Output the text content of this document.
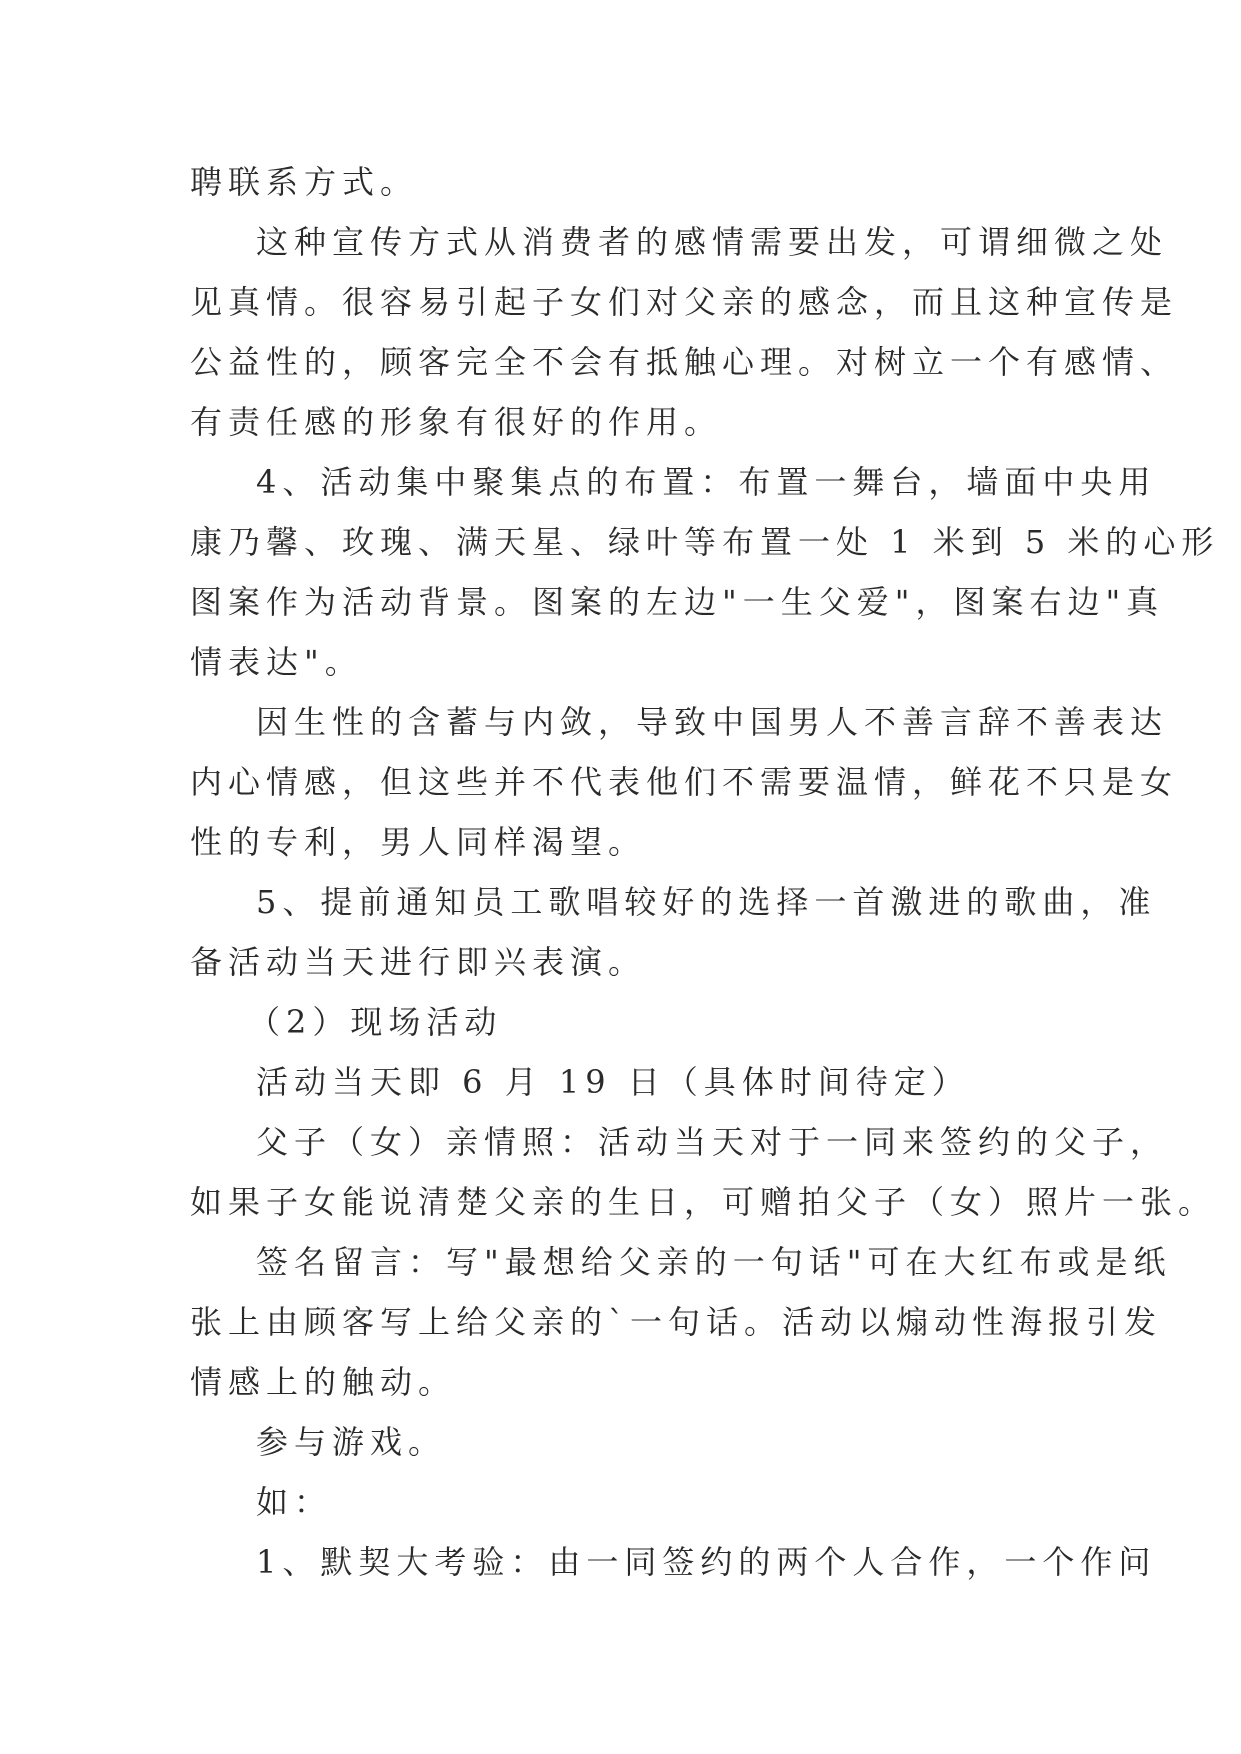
聘联系方式。
这种宣传方式从消费者的感情需要出发，可谓细微之处
见真情。很容易引起子女们对父亲的感念，而且这种宣传是
公益性的，顾客完全不会有抵触心理。对树立一个有感情、
有责任感的形象有很好的作用。
4、活动集中聚集点的布置：布置一舞台，墙面中央用
康乃馨、玫瑰、满天星、绿叶等布置一处 1 米到 5 米的心形
图案作为活动背景。图案的左边"一生父爱"，图案右边"真
情表达"。
因生性的含蓄与内敛，导致中国男人不善言辞不善表达
内心情感，但这些并不代表他们不需要温情，鲜花不只是女
性的专利，男人同样渴望。
5、提前通知员工歌唱较好的选择一首激进的歌曲，准
备活动当天进行即兴表演。
（2）现场活动
活动当天即 6 月 19 日（具体时间待定）
父子（女）亲情照：活动当天对于一同来签约的父子，
如果子女能说清楚父亲的生日，可赠拍父子（女）照片一张。
签名留言：写"最想给父亲的一句话"可在大红布或是纸
张上由顾客写上给父亲的`一句话。活动以煽动性海报引发
情感上的触动。
参与游戏。
如：
1、默契大考验：由一同签约的两个人合作，一个作问
